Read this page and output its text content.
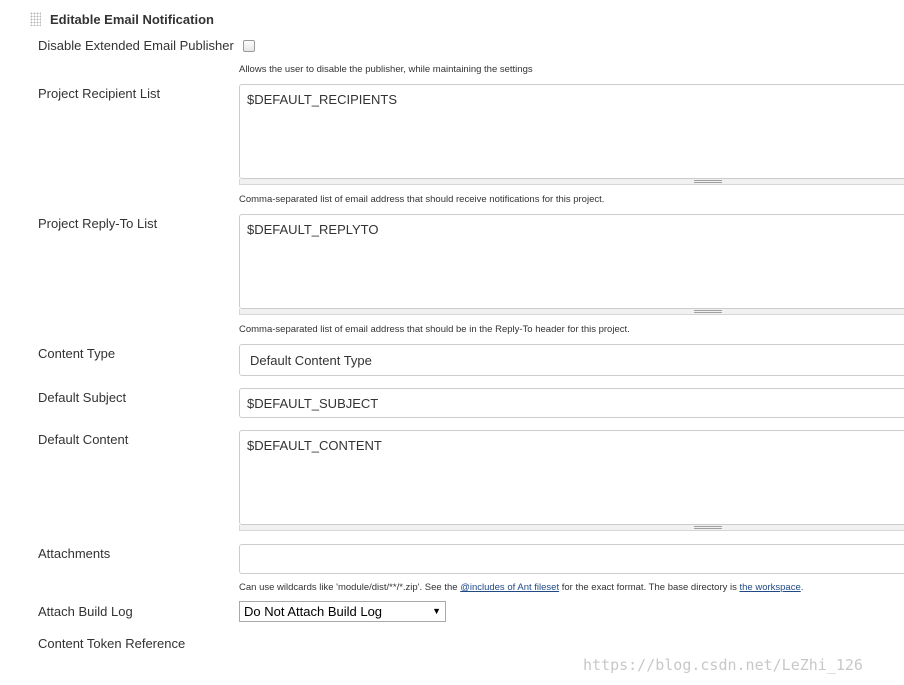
Editable Email Notification
Disable Extended Email Publisher
Allows the user to disable the publisher, while maintaining the settings
Project Recipient List	$DEFAULT_RECIPIENTS
Comma-separated list of email address that should receive notifications for this project.
Project Reply-To List	$DEFAULT_REPLYTO
Comma-separated list of email address that should be in the Reply-To header for this project.
Content Type	Default Content Type
Default Subject	$DEFAULT_SUBJECT
Default Content	$DEFAULT_CONTENT
Attachments
Can use wildcards like 'module/dist/**/*.zip'. See the @includes of Ant fileset for the exact format. The base directory is the workspace.
Attach Build Log	Do Not Attach Build Log	▼
Content Token Reference
https://blog.csdn.net/LeZhi_126
